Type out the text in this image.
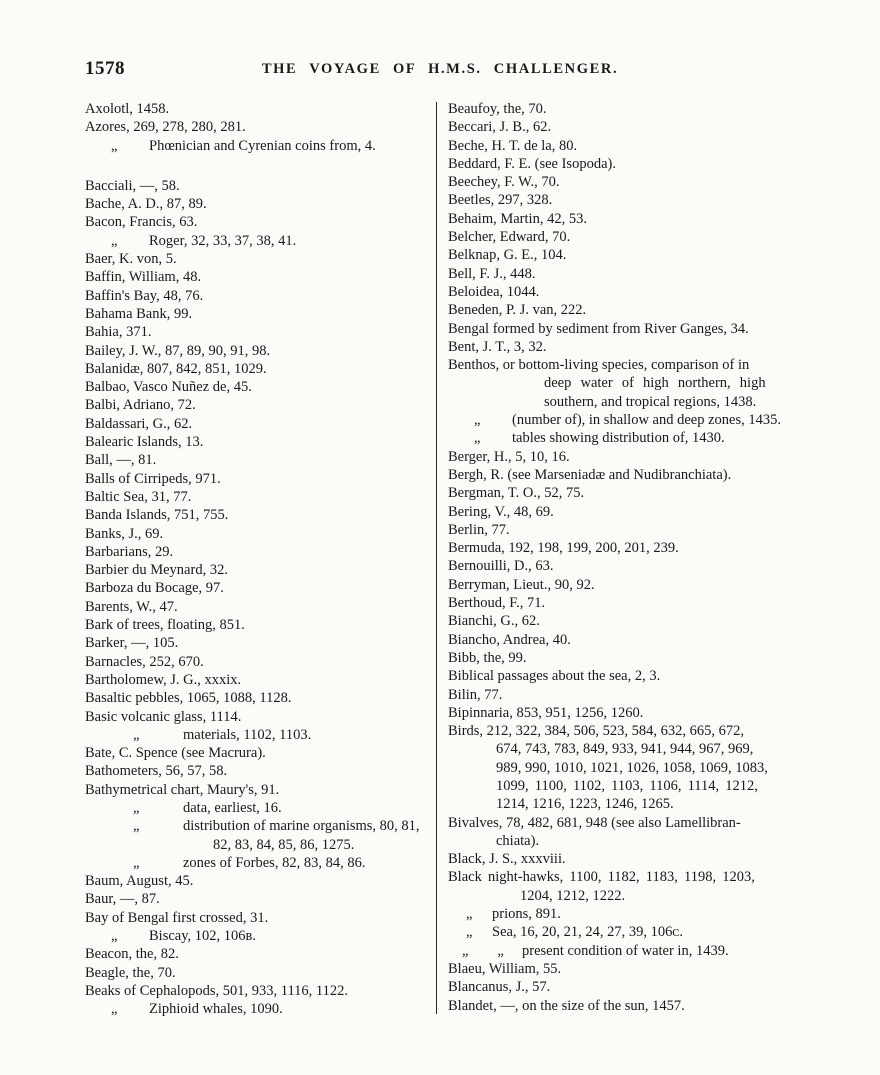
1578	THE VOYAGE OF H.M.S. CHALLENGER.
Axolotl, 1458.
Azores, 269, 278, 280, 281.
„	Phœnician and Cyrenian coins from, 4.
Bacciali, —, 58.
Bache, A. D., 87, 89.
Bacon, Francis, 63.
„	Roger, 32, 33, 37, 38, 41.
Baer, K. von, 5.
Baffin, William, 48.
Baffin's Bay, 48, 76.
Bahama Bank, 99.
Bahia, 371.
Bailey, J. W., 87, 89, 90, 91, 98.
Balanidæ, 807, 842, 851, 1029.
Balbao, Vasco Nuñez de, 45.
Balbi, Adriano, 72.
Baldassari, G., 62.
Balearic Islands, 13.
Ball, —, 81.
Balls of Cirripeds, 971.
Baltic Sea, 31, 77.
Banda Islands, 751, 755.
Banks, J., 69.
Barbarians, 29.
Barbier du Meynard, 32.
Barboza du Bocage, 97.
Barents, W., 47.
Bark of trees, floating, 851.
Barker, —, 105.
Barnacles, 252, 670.
Bartholomew, J. G., xxxix.
Basaltic pebbles, 1065, 1088, 1128.
Basic volcanic glass, 1114.
„	materials, 1102, 1103.
Bate, C. Spence (see Macrura).
Bathometers, 56, 57, 58.
Bathymetrical chart, Maury's, 91.
„	data, earliest, 16.
„	distribution of marine organisms, 80, 81,
82, 83, 84, 85, 86, 1275.
„	zones of Forbes, 82, 83, 84, 86.
Baum, August, 45.
Baur, —, 87.
Bay of Bengal first crossed, 31.
„	Biscay, 102, 106ʙ.
Beacon, the, 82.
Beagle, the, 70.
Beaks of Cephalopods, 501, 933, 1116, 1122.
„	Ziphioid whales, 1090.
Beaufoy, the, 70.
Beccari, J. B., 62.
Beche, H. T. de la, 80.
Beddard, F. E. (see Isopoda).
Beechey, F. W., 70.
Beetles, 297, 328.
Behaim, Martin, 42, 53.
Belcher, Edward, 70.
Belknap, G. E., 104.
Bell, F. J., 448.
Beloidea, 1044.
Beneden, P. J. van, 222.
Bengal formed by sediment from River Ganges, 34.
Bent, J. T., 3, 32.
Benthos, or bottom-living species, comparison of in
deep water of high northern, high
southern, and tropical regions, 1438.
„	(number of), in shallow and deep zones, 1435.
„	tables showing distribution of, 1430.
Berger, H., 5, 10, 16.
Bergh, R. (see Marseniadæ and Nudibranchiata).
Bergman, T. O., 52, 75.
Bering, V., 48, 69.
Berlin, 77.
Bermuda, 192, 198, 199, 200, 201, 239.
Bernouilli, D., 63.
Berryman, Lieut., 90, 92.
Berthoud, F., 71.
Bianchi, G., 62.
Biancho, Andrea, 40.
Bibb, the, 99.
Biblical passages about the sea, 2, 3.
Bilin, 77.
Bipinnaria, 853, 951, 1256, 1260.
Birds, 212, 322, 384, 506, 523, 584, 632, 665, 672,
674, 743, 783, 849, 933, 941, 944, 967, 969,
989, 990, 1010, 1021, 1026, 1058, 1069, 1083,
1099, 1100, 1102, 1103, 1106, 1114, 1212,
1214, 1216, 1223, 1246, 1265.
Bivalves, 78, 482, 681, 948 (see also Lamellibran-
chiata).
Black, J. S., xxxviii.
Black night-hawks, 1100, 1182, 1183, 1198, 1203,
1204, 1212, 1222.
„	prions, 891.
„	Sea, 16, 20, 21, 24, 27, 39, 106ᴄ.
„        „	present condition of water in, 1439.
Blaeu, William, 55.
Blancanus, J., 57.
Blandet, —, on the size of the sun, 1457.
